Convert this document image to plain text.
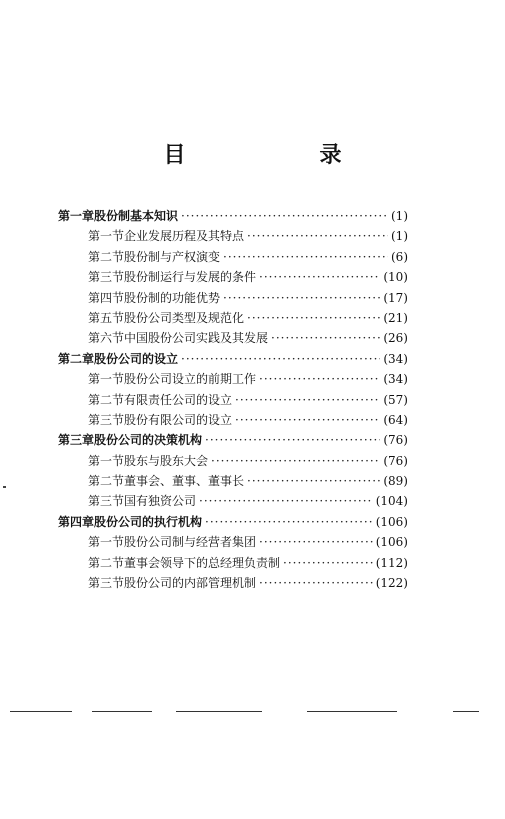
目　录
第一章 股份制基本知识 ·····	(1)
第一节 企业发展历程及其特点 ·····	(1)
第二节 股份制与产权演变 ·····	(6)
第三节 股份制运行与发展的条件 ·····	(10)
第四节 股份制的功能优势 ·····	(17)
第五节 股份公司类型及规范化 ·····	(21)
第六节 中国股份公司实践及其发展 ·····	(26)
第二章 股份公司的设立 ·····	(34)
第一节 股份公司设立的前期工作 ·····	(34)
第二节 有限责任公司的设立 ·····	(57)
第三节 股份有限公司的设立 ·····	(64)
第三章 股份公司的决策机构 ·····	(76)
第一节 股东与股东大会 ·····	(76)
第二节 董事会、董事、董事长 ·····	(89)
第三节 国有独资公司 ·····	(104)
第四章 股份公司的执行机构 ·····	(106)
第一节 股份公司制与经营者集团 ·····	(106)
第二节 董事会领导下的总经理负责制 ·····	(112)
第三节 股份公司的内部管理机制 ·····	(122)
